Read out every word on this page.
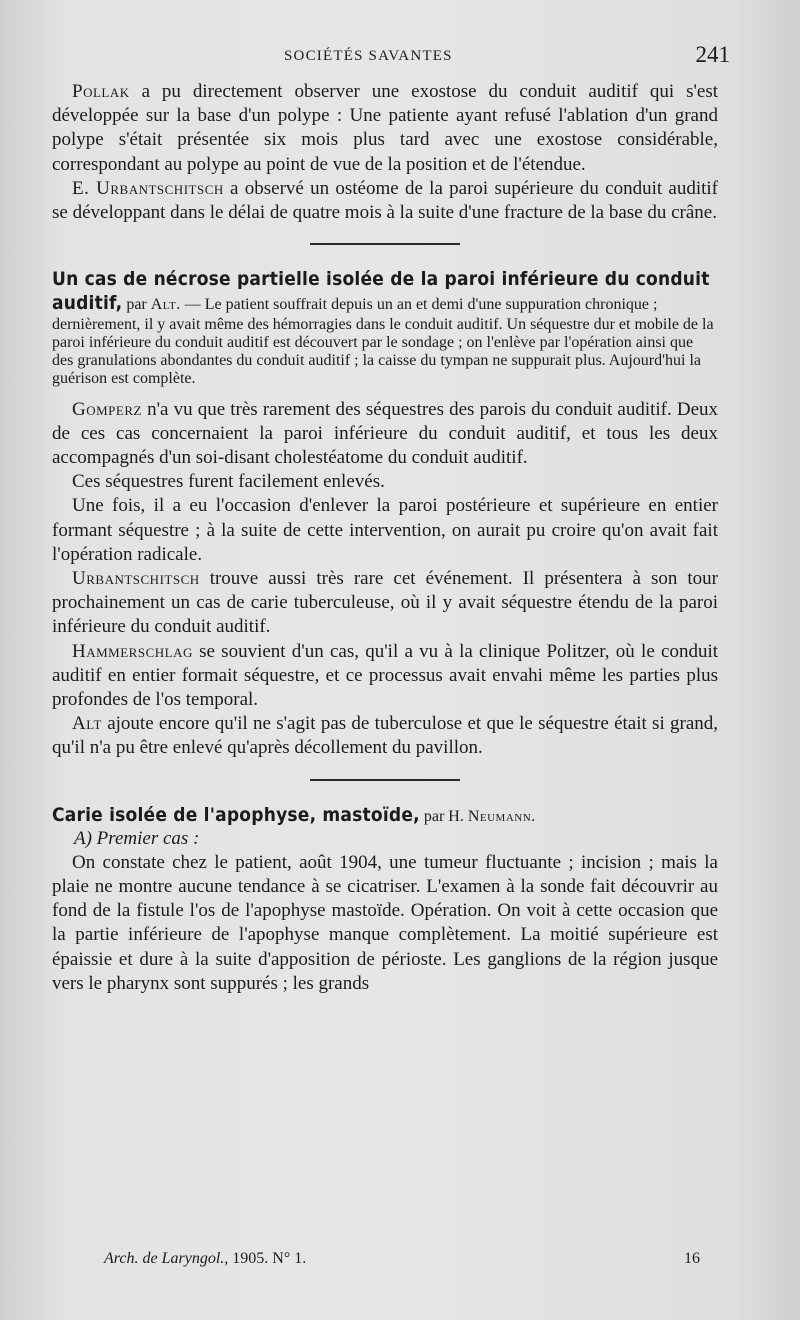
SOCIÉTÉS SAVANTES	241

Pollak a pu directement observer une exostose du conduit auditif qui s'est développée sur la base d'un polype : Une patiente ayant refusé l'ablation d'un grand polype s'était présentée six mois plus tard avec une exostose considérable, correspondant au polype au point de vue de la position et de l'étendue.

E. Urbantschitsch a observé un ostéome de la paroi supérieure du conduit auditif se développant dans le délai de quatre mois à la suite d'une fracture de la base du crâne.

Un cas de nécrose partielle isolée de la paroi inférieure du conduit auditif, par Alt. — Le patient souffrait depuis un an et demi d'une suppuration chronique ; dernièrement, il y avait même des hémorragies dans le conduit auditif. Un séquestre dur et mobile de la paroi inférieure du conduit auditif est découvert par le sondage ; on l'enlève par l'opération ainsi que des granulations abondantes du conduit auditif ; la caisse du tympan ne suppurait plus. Aujourd'hui la guérison est complète.

Gomperz n'a vu que très rarement des séquestres des parois du conduit auditif. Deux de ces cas concernaient la paroi inférieure du conduit auditif, et tous les deux accompagnés d'un soi-disant cholestéatome du conduit auditif.

Ces séquestres furent facilement enlevés.

Une fois, il a eu l'occasion d'enlever la paroi postérieure et supérieure en entier formant séquestre ; à la suite de cette intervention, on aurait pu croire qu'on avait fait l'opération radicale.

Urbantschitsch trouve aussi très rare cet événement. Il présentera à son tour prochainement un cas de carie tuberculeuse, où il y avait séquestre étendu de la paroi inférieure du conduit auditif.

Hammerschlag se souvient d'un cas, qu'il a vu à la clinique Politzer, où le conduit auditif en entier formait séquestre, et ce processus avait envahi même les parties plus profondes de l'os temporal.

Alt ajoute encore qu'il ne s'agit pas de tuberculose et que le séquestre était si grand, qu'il n'a pu être enlevé qu'après décollement du pavillon.

Carie isolée de l'apophyse, mastoïde, par H. Neumann.

A) Premier cas :

On constate chez le patient, août 1904, une tumeur fluctuante ; incision ; mais la plaie ne montre aucune tendance à se cicatriser. L'examen à la sonde fait découvrir au fond de la fistule l'os de l'apophyse mastoïde. Opération. On voit à cette occasion que la partie inférieure de l'apophyse manque complètement. La moitié supérieure est épaissie et dure à la suite d'apposition de périoste. Les ganglions de la région jusque vers le pharynx sont suppurés ; les grands

Arch. de Laryngol., 1905. N° 1.	16
